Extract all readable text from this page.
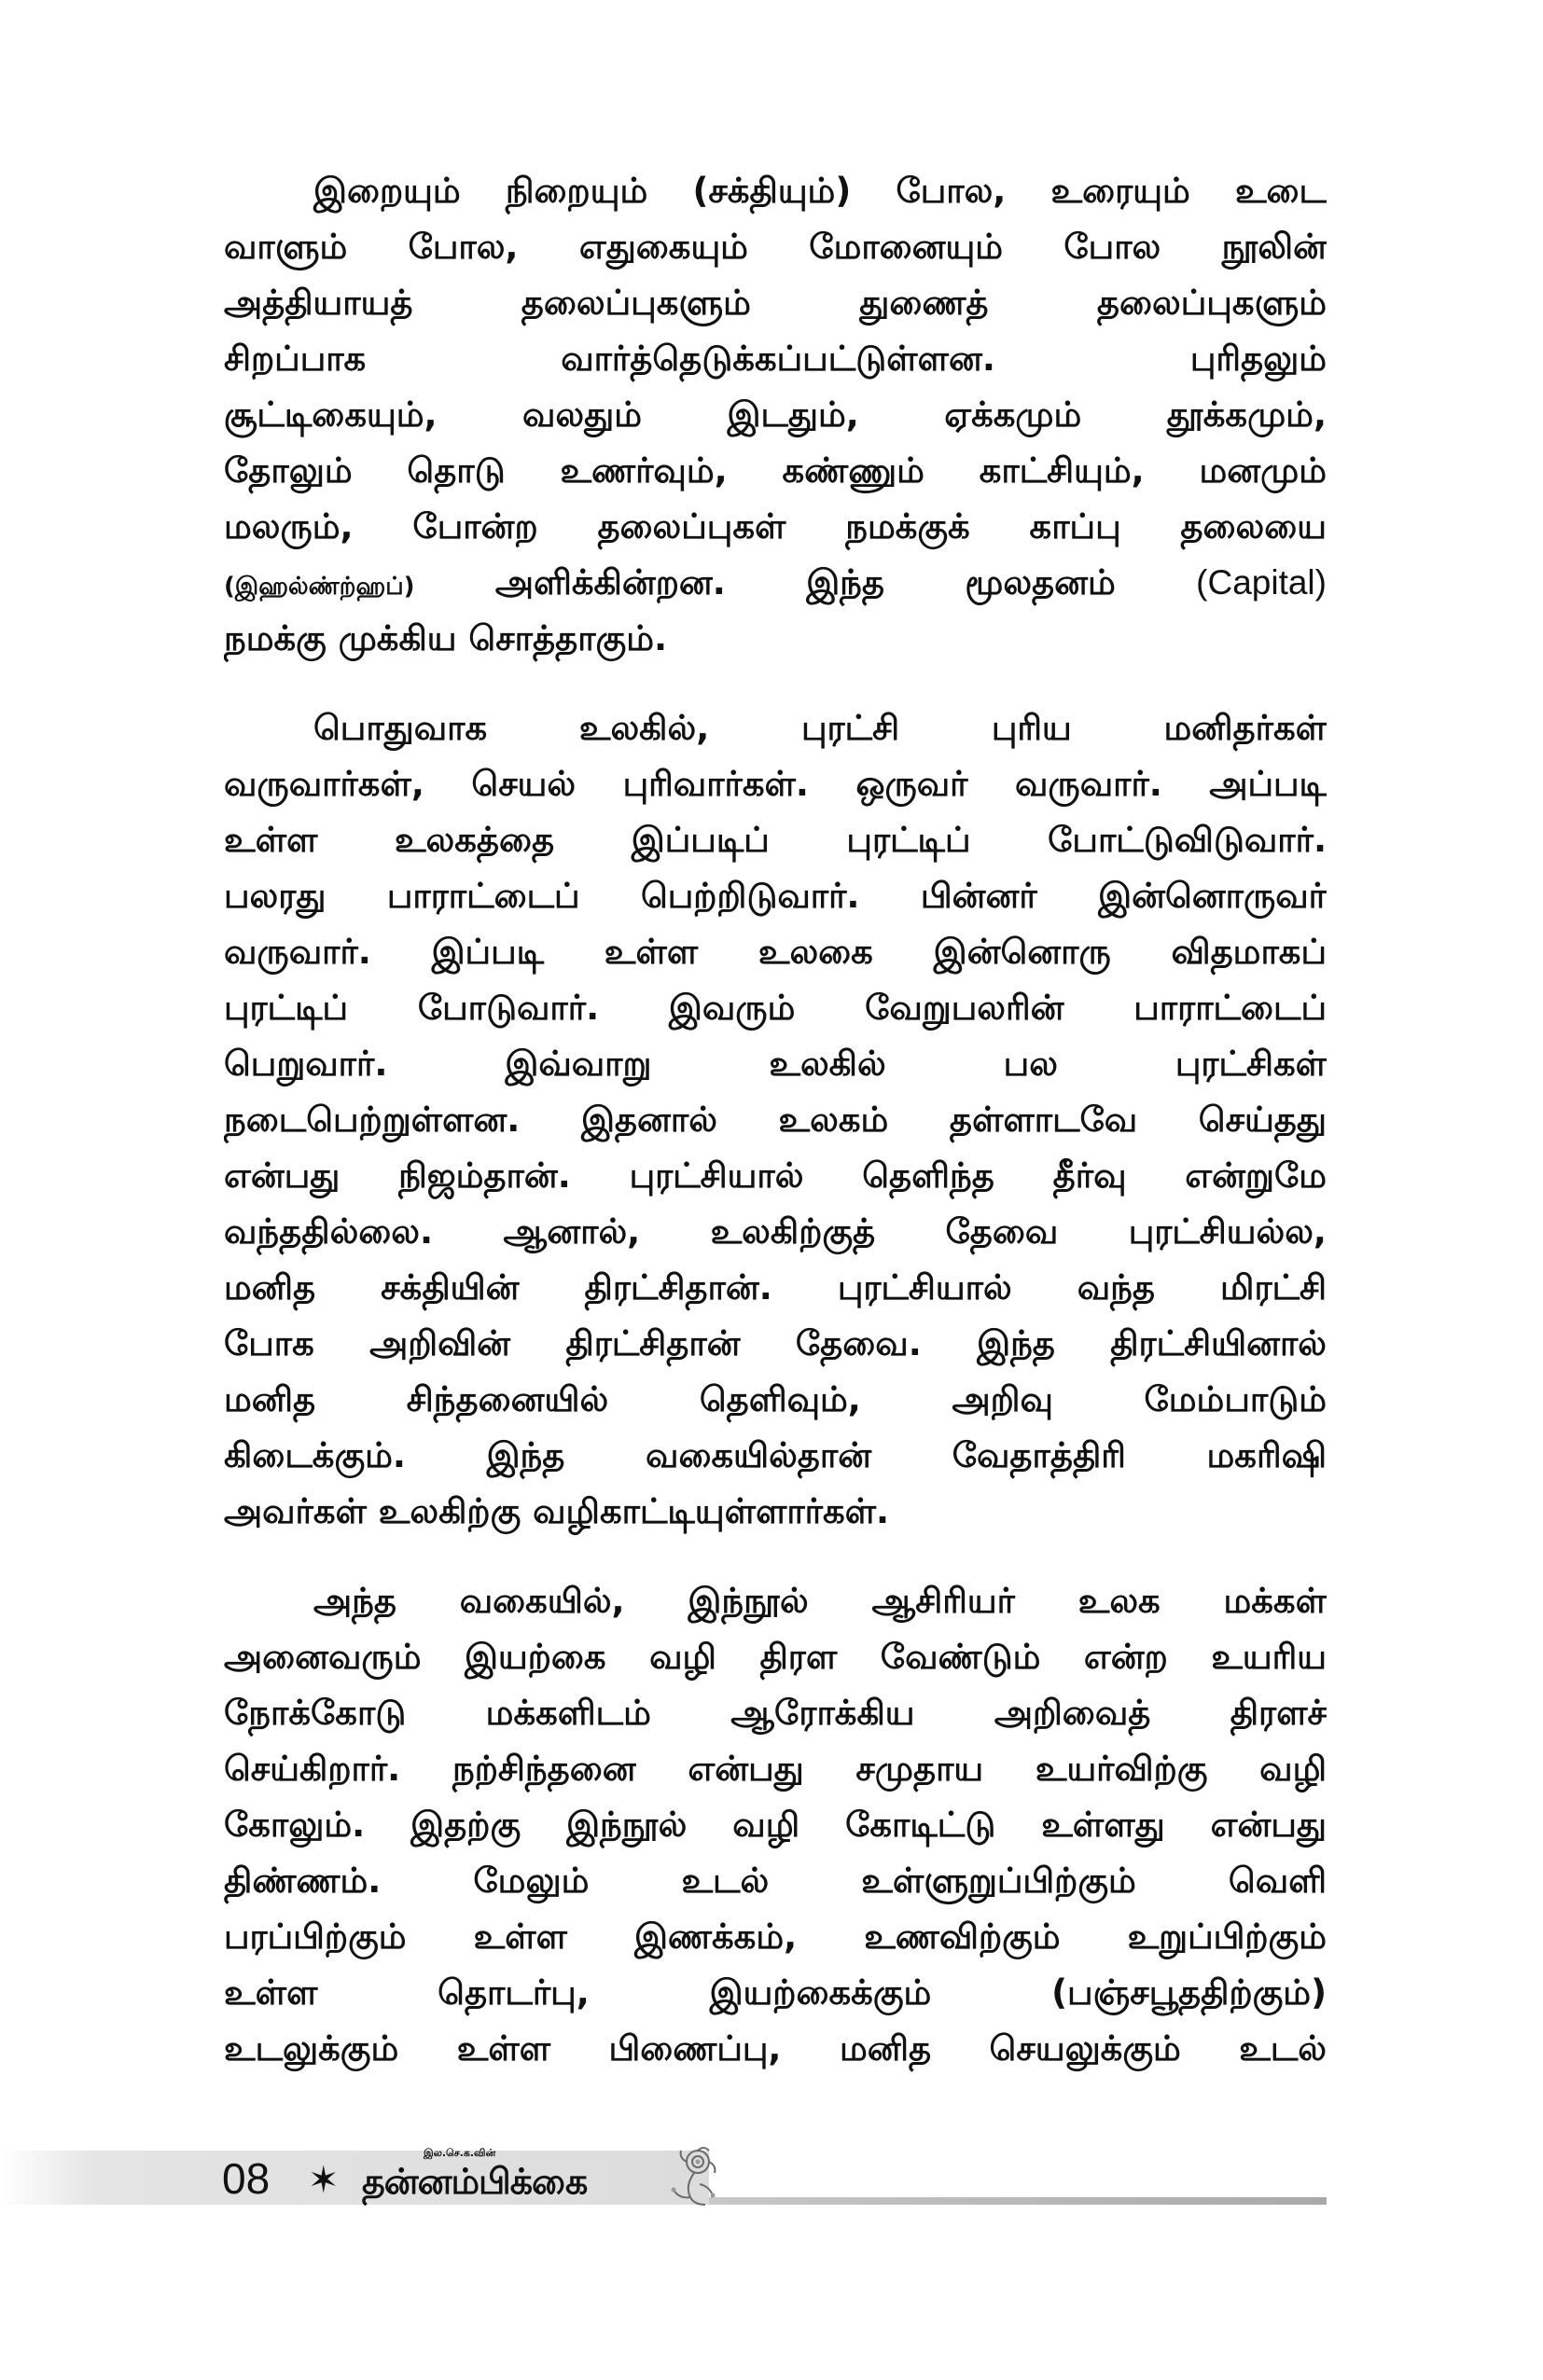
இறையும் நிறையும் (சக்தியும்) போல, உரையும் உடை
வாளும் போல, எதுகையும் மோனையும் போல நூலின்
அத்தியாயத் தலைப்புகளும் துணைத் தலைப்புகளும்
சிறப்பாக வார்த்தெடுக்கப்பட்டுள்ளன. புரிதலும்
சூட்டிகையும், வலதும் இடதும், ஏக்கமும் தூக்கமும்,
தோலும் தொடு உணர்வும், கண்ணும் காட்சியும், மனமும்
மலரும், போன்ற தலைப்புகள் நமக்குக் காப்பு தலையை
(இஹல்ண்ற்ஹப்) அளிக்கின்றன. இந்த மூலதனம் (Capital)
நமக்கு முக்கிய சொத்தாகும்.
பொதுவாக உலகில், புரட்சி புரிய மனிதர்கள்
வருவார்கள், செயல் புரிவார்கள். ஒருவர் வருவார். அப்படி
உள்ள உலகத்தை இப்படிப் புரட்டிப் போட்டுவிடுவார்.
பலரது பாராட்டைப் பெற்றிடுவார். பின்னர் இன்னொருவர்
வருவார். இப்படி உள்ள உலகை இன்னொரு விதமாகப்
புரட்டிப் போடுவார். இவரும் வேறுபலரின் பாராட்டைப்
பெறுவார். இவ்வாறு உலகில் பல புரட்சிகள்
நடைபெற்றுள்ளன. இதனால் உலகம் தள்ளாடவே செய்தது
என்பது நிஜம்தான். புரட்சியால் தெளிந்த தீர்வு என்றுமே
வந்ததில்லை. ஆனால், உலகிற்குத் தேவை புரட்சியல்ல,
மனித சக்தியின் திரட்சிதான். புரட்சியால் வந்த மிரட்சி
போக அறிவின் திரட்சிதான் தேவை. இந்த திரட்சியினால்
மனித சிந்தனையில் தெளிவும், அறிவு மேம்பாடும்
கிடைக்கும். இந்த வகையில்தான் வேதாத்திரி மகரிஷி
அவர்கள் உலகிற்கு வழிகாட்டியுள்ளார்கள்.
அந்த வகையில், இந்நூல் ஆசிரியர் உலக மக்கள்
அனைவரும் இயற்கை வழி திரள வேண்டும் என்ற உயரிய
நோக்கோடு மக்களிடம் ஆரோக்கிய அறிவைத் திரளச்
செய்கிறார். நற்சிந்தனை என்பது சமுதாய உயர்விற்கு வழி
கோலும். இதற்கு இந்நூல் வழி கோடிட்டு உள்ளது என்பது
திண்ணம். மேலும் உடல் உள்ளுறுப்பிற்கும் வெளி
பரப்பிற்கும் உள்ள இணக்கம், உணவிற்கும் உறுப்பிற்கும்
உள்ள தொடர்பு, இயற்கைக்கும் (பஞ்சபூததிற்கும்)
உடலுக்கும் உள்ள பிணைப்பு, மனித செயலுக்கும் உடல்
08 ✶
இல.செ.க.வின்
தன்னம்பிக்கை
